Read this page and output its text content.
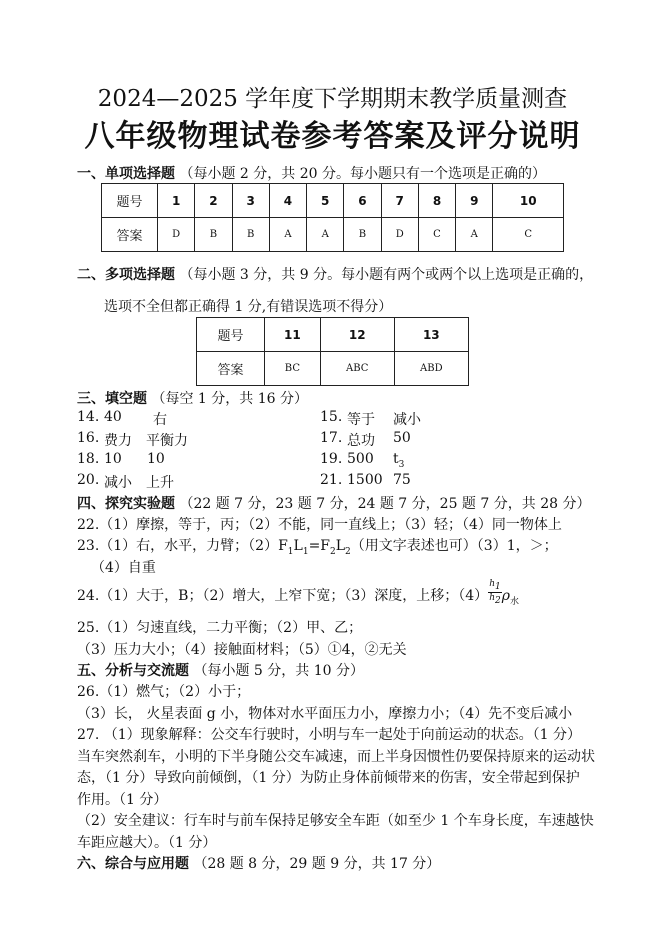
2024—2025 学年度下学期期末教学质量测查
八年级物理试卷参考答案及评分说明
一、单项选择题 （每小题 2 分，共 20 分。每小题只有一个选项是正确的）
题号	1	2	3	4	5	6	7	8	9	10
答案	D	B	B	A	A	B	D	C	A	C
二、多项选择题 （每小题 3 分，共 9 分。每小题有两个或两个以上选项是正确的，
选项不全但都正确得 1 分,有错误选项不得分）
题号	11	12	13
答案	BC	ABC	ABD
三、填空题 （每空 1 分，共 16 分）
14. 40 右	15. 等于 减小
16. 费力 平衡力	17. 总功 50
18. 10 10	19. 500 $t_3$
20. 减小 上升	21. 1500 75
四、探究实验题 （22 题 7 分，23 题 7 分，24 题 7 分，25 题 7 分，共 28 分）
22.（1）摩擦，等于，丙；（2）不能，同一直线上；（3）轻；（4）同一物体上
23.（1）右，水平，力臂；$(2)F_1L_1=F_2L_2$（用文字表述也可）（3）1，＞；
（4）自重
24.（1）大于，B；（2）增大，上窄下宽；（3）深度，上移；$(4) \frac{h_1}{h_2} \rho_水$
25.（1）匀速直线，二力平衡；（2）甲、乙；
（3）压力大小；（4）接触面材料；（5）①4，②无关
五、分析与交流题 （每小题 5 分，共 10 分）
26.（1）燃气；（2）小于；
（3）长， 火星表面 g 小，物体对水平面压力小，摩擦力小；（4）先不变后减小
27. （1）现象解释：公交车行驶时，小明与车一起处于向前运动的状态。（1 分）
当车突然刹车，小明的下半身随公交车减速，而上半身因惯性仍要保持原来的运动状
态，（1 分）导致向前倾倒，（1 分）为防止身体前倾带来的伤害，安全带起到保护
作用。（1 分）
（2）安全建议：行车时与前车保持足够安全车距（如至少 1 个车身长度，车速越快
车距应越大）。（1 分）
六、综合与应用题 （28 题 8 分，29 题 9 分，共 17 分）
